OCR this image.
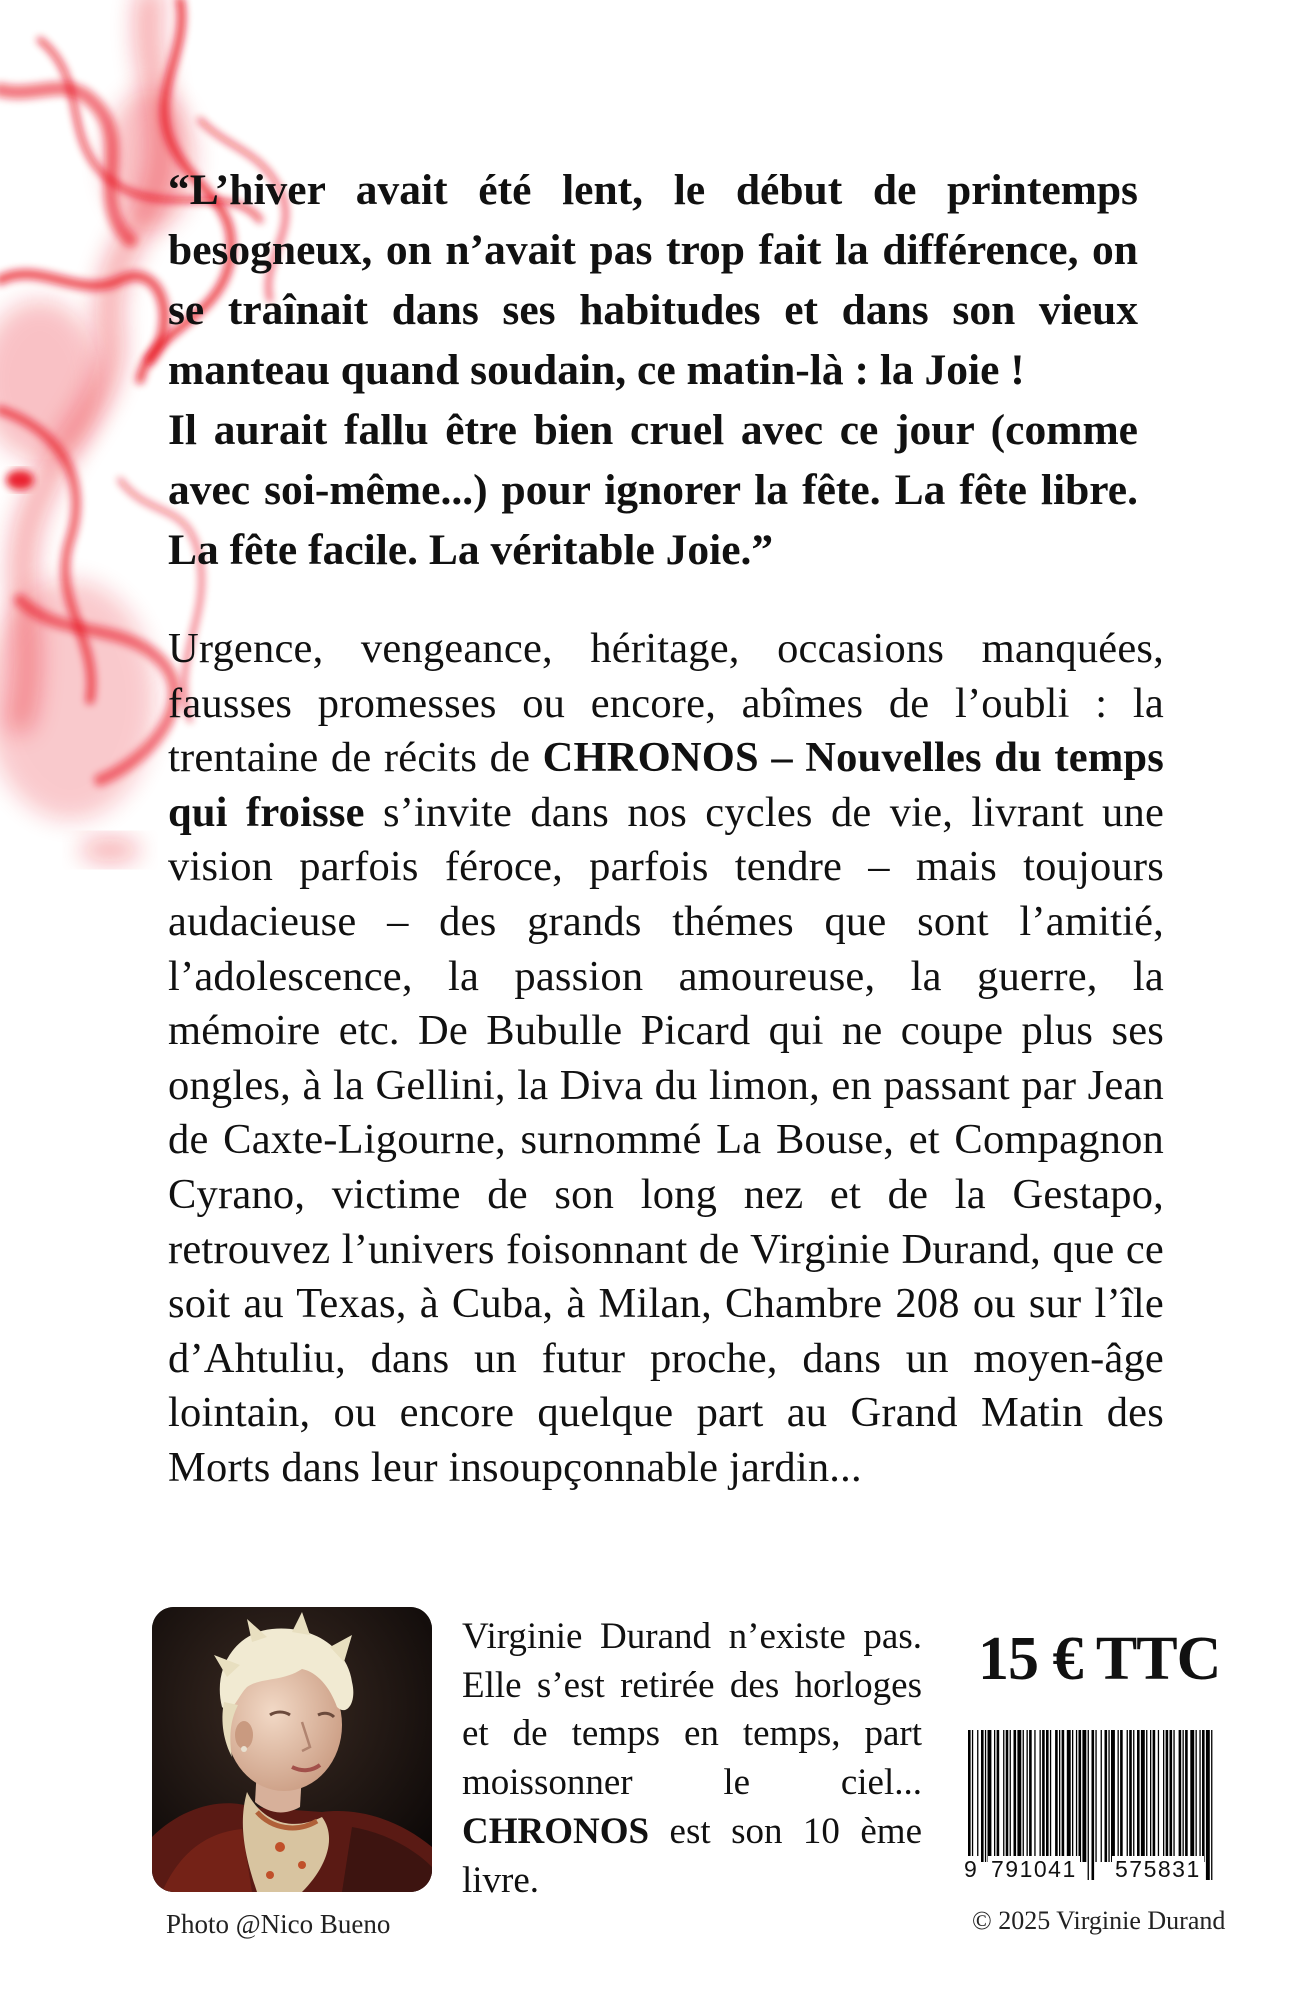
“L’hiver avait été lent, le début de printemps besogneux, on n’avait pas trop fait la différence, on se traînait dans ses habitudes et dans son vieux manteau quand soudain, ce matin-là : la Joie !

Il aurait fallu être bien cruel avec ce jour (comme avec soi-même...) pour ignorer la fête. La fête libre. La fête facile. La véritable Joie.”

Urgence, vengeance, héritage, occasions manquées, fausses promesses ou encore, abîmes de l’oubli : la trentaine de récits de CHRONOS – Nouvelles du temps qui froisse s’invite dans nos cycles de vie, livrant une vision parfois féroce, parfois tendre – mais toujours audacieuse – des grands thémes que sont l’amitié, l’adolescence, la passion amoureuse, la guerre, la mémoire etc. De Bubulle Picard qui ne coupe plus ses ongles, à la Gellini, la Diva du limon, en passant par Jean de Caxte-Ligourne, surnommé La Bouse, et Compagnon Cyrano, victime de son long nez et de la Gestapo, retrouvez l’univers foisonnant de Virginie Durand, que ce soit au Texas, à Cuba, à Milan, Chambre 208 ou sur l’île d’Ahtuliu, dans un futur proche, dans un moyen-âge lointain, ou encore quelque part au Grand Matin des Morts dans leur insoupçonnable jardin...
Photo @Nico Bueno
Virginie Durand n’existe pas. Elle s’est retirée des horloges et de temps en temps, part moissonner le ciel... CHRONOS est son 10 ème livre.
15 € TTC
9 791041 575831
© 2025 Virginie Durand
